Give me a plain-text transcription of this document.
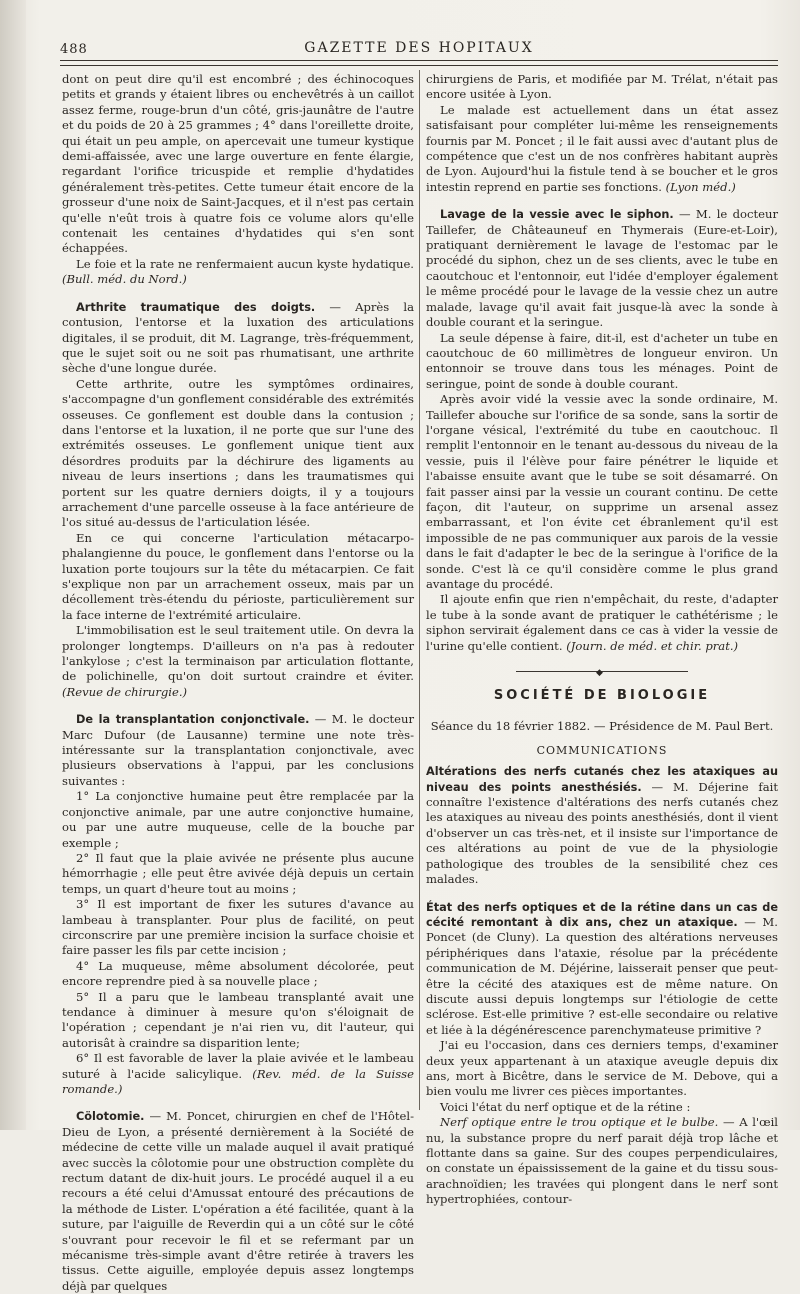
488	GAZETTE DES HOPITAUX

dont on peut dire qu'il est encombré ; des échinocoques petits et grands y étaient libres ou enchevêtrés à un caillot assez ferme, rouge-brun d'un côté, gris-jaunâtre de l'autre et du poids de 20 à 25 grammes ; 4° dans l'oreillette droite, qui était un peu ample, on apercevait une tumeur kystique demi-affaissée, avec une large ouverture en fente élargie, regardant l'orifice tricuspide et remplie d'hydatides généralement très-petites. Cette tumeur était encore de la grosseur d'une noix de Saint-Jacques, et il n'est pas certain qu'elle n'eût trois à quatre fois ce volume alors qu'elle contenait les centaines d'hydatides qui s'en sont échappées.

Le foie et la rate ne renfermaient aucun kyste hydatique. (Bull. méd. du Nord.)

Arthrite traumatique des doigts. — Après la contusion, l'entorse et la luxation des articulations digitales, il se produit, dit M. Lagrange, très-fréquemment, que le sujet soit ou ne soit pas rhumatisant, une arthrite sèche d'une longue durée.

Cette arthrite, outre les symptômes ordinaires, s'accompagne d'un gonflement considérable des extrémités osseuses. Ce gonflement est double dans la contusion ; dans l'entorse et la luxation, il ne porte que sur l'une des extrémités osseuses. Le gonflement unique tient aux désordres produits par la déchirure des ligaments au niveau de leurs insertions ; dans les traumatismes qui portent sur les quatre derniers doigts, il y a toujours arrachement d'une parcelle osseuse à la face antérieure de l'os situé au-dessus de l'articulation lésée.

En ce qui concerne l'articulation métacarpo-phalangienne du pouce, le gonflement dans l'entorse ou la luxation porte toujours sur la tête du métacarpien. Ce fait s'explique non par un arrachement osseux, mais par un décollement très-étendu du périoste, particulièrement sur la face interne de l'extrémité articulaire.

L'immobilisation est le seul traitement utile. On devra la prolonger longtemps. D'ailleurs on n'a pas à redouter l'ankylose ; c'est la terminaison par articulation flottante, de polichinelle, qu'on doit surtout craindre et éviter. (Revue de chirurgie.)

De la transplantation conjonctivale. — M. le docteur Marc Dufour (de Lausanne) termine une note très-intéressante sur la transplantation conjonctivale, avec plusieurs observations à l'appui, par les conclusions suivantes :

1° La conjonctive humaine peut être remplacée par la conjonctive animale, par une autre conjonctive humaine, ou par une autre muqueuse, celle de la bouche par exemple ;

2° Il faut que la plaie avivée ne présente plus aucune hémorrhagie ; elle peut être avivée déjà depuis un certain temps, un quart d'heure tout au moins ;

3° Il est important de fixer les sutures d'avance au lambeau à transplanter. Pour plus de facilité, on peut circonscrire par une première incision la surface choisie et faire passer les fils par cette incision ;

4° La muqueuse, même absolument décolorée, peut encore reprendre pied à sa nouvelle place ;

5° Il a paru que le lambeau transplanté avait une tendance à diminuer à mesure qu'on s'éloignait de l'opération ; cependant je n'ai rien vu, dit l'auteur, qui autorisât à craindre sa disparition lente;

6° Il est favorable de laver la plaie avivée et le lambeau suturé à l'acide salicylique. (Rev. méd. de la Suisse romande.)

Cölotomie. — M. Poncet, chirurgien en chef de l'Hôtel-Dieu de Lyon, a présenté dernièrement à la Société de médecine de cette ville un malade auquel il avait pratiqué avec succès la côlotomie pour une obstruction complète du rectum datant de dix-huit jours. Le procédé auquel il a eu recours a été celui d'Amussat entouré des précautions de la méthode de Lister. L'opération a été facilitée, quant à la suture, par l'aiguille de Reverdin qui a un côté sur le côté s'ouvrant pour recevoir le fil et se refermant par un mécanisme très-simple avant d'être retirée à travers les tissus. Cette aiguille, employée depuis assez longtemps déjà par quelques

chirurgiens de Paris, et modifiée par M. Trélat, n'était pas encore usitée à Lyon.

Le malade est actuellement dans un état assez satisfaisant pour compléter lui-même les renseignements fournis par M. Poncet ; il le fait aussi avec d'autant plus de compétence que c'est un de nos confrères habitant auprès de Lyon. Aujourd'hui la fistule tend à se boucher et le gros intestin reprend en partie ses fonctions. (Lyon méd.)

Lavage de la vessie avec le siphon. — M. le docteur Taillefer, de Châteauneuf en Thymerais (Eure-et-Loir), pratiquant dernièrement le lavage de l'estomac par le procédé du siphon, chez un de ses clients, avec le tube en caoutchouc et l'entonnoir, eut l'idée d'employer également le même procédé pour le lavage de la vessie chez un autre malade, lavage qu'il avait fait jusque-là avec la sonde à double courant et la seringue.

La seule dépense à faire, dit-il, est d'acheter un tube en caoutchouc de 60 millimètres de longueur environ. Un entonnoir se trouve dans tous les ménages. Point de seringue, point de sonde à double courant.

Après avoir vidé la vessie avec la sonde ordinaire, M. Taillefer abouche sur l'orifice de sa sonde, sans la sortir de l'organe vésical, l'extrémité du tube en caoutchouc. Il remplit l'entonnoir en le tenant au-dessous du niveau de la vessie, puis il l'élève pour faire pénétrer le liquide et l'abaisse ensuite avant que le tube se soit désamarré. On fait passer ainsi par la vessie un courant continu. De cette façon, dit l'auteur, on supprime un arsenal assez embarrassant, et l'on évite cet ébranlement qu'il est impossible de ne pas communiquer aux parois de la vessie dans le fait d'adapter le bec de la seringue à l'orifice de la sonde. C'est là ce qu'il considère comme le plus grand avantage du procédé.

Il ajoute enfin que rien n'empêchait, du reste, d'adapter le tube à la sonde avant de pratiquer le cathétérisme ; le siphon servirait également dans ce cas à vider la vessie de l'urine qu'elle contient. (Journ. de méd. et chir. prat.)

◆
SOCIÉTÉ DE BIOLOGIE

Séance du 18 février 1882. — Présidence de M. Paul Bert.

COMMUNICATIONS

Altérations des nerfs cutanés chez les ataxiques au niveau des points anesthésiés. — M. Déjerine fait connaître l'existence d'altérations des nerfs cutanés chez les ataxiques au niveau des points anesthésiés, dont il vient d'observer un cas très-net, et il insiste sur l'importance de ces altérations au point de vue de la physiologie pathologique des troubles de la sensibilité chez ces malades.

État des nerfs optiques et de la rétine dans un cas de cécité remontant à dix ans, chez un ataxique. — M. Poncet (de Cluny). La question des altérations nerveuses périphériques dans l'ataxie, résolue par la précédente communication de M. Déjérine, laisserait penser que peut-être la cécité des ataxiques est de même nature. On discute aussi depuis longtemps sur l'étiologie de cette sclérose. Est-elle primitive ? est-elle secondaire ou relative et liée à la dégénérescence parenchymateuse primitive ?

J'ai eu l'occasion, dans ces derniers temps, d'examiner deux yeux appartenant à un ataxique aveugle depuis dix ans, mort à Bicêtre, dans le service de M. Debove, qui a bien voulu me livrer ces pièces importantes.

Voici l'état du nerf optique et de la rétine :

Nerf optique entre le trou optique et le bulbe. — A l'œil nu, la substance propre du nerf parait déjà trop lâche et flottante dans sa gaine. Sur des coupes perpendiculaires, on constate un épaississement de la gaine et du tissu sous-arachnoïdien; les travées qui plongent dans le nerf sont hypertrophiées, contour-
